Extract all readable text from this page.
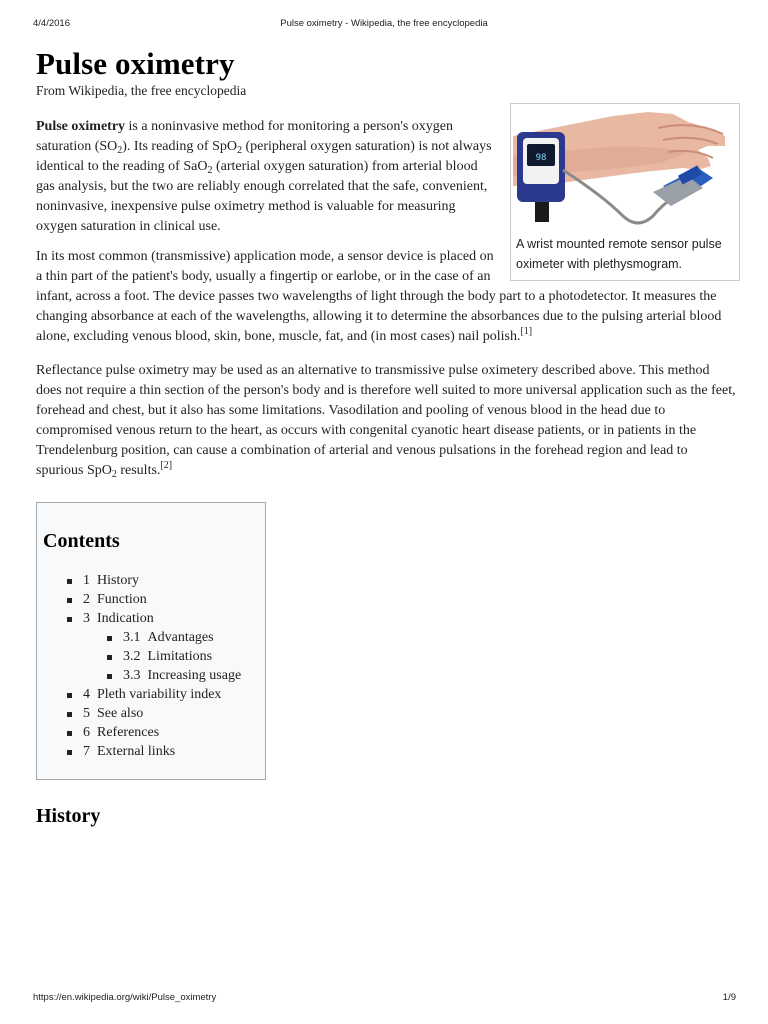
4/4/2016	Pulse oximetry - Wikipedia, the free encyclopedia
Pulse oximetry
From Wikipedia, the free encyclopedia
98
A wrist mounted remote sensor pulse oximeter with plethysmogram.

Pulse oximetry is a noninvasive method for monitoring a person's oxygen saturation $(SO_2)$. Its reading of SpO$_2$ (peripheral oxygen saturation) is not always identical to the reading of SaO$_2$ (arterial oxygen saturation) from arterial blood gas analysis, but the two are reliably enough correlated that the safe, convenient, noninvasive, inexpensive pulse oximetry method is valuable for measuring oxygen saturation in clinical use.

In its most common (transmissive) application mode, a sensor device is placed on a thin part of the patient's body, usually a fingertip or earlobe, or in the case of an infant, across a foot. The device passes two wavelengths of light through the body part to a photodetector. It measures the changing absorbance at each of the wavelengths, allowing it to determine the absorbances due to the pulsing arterial blood alone, excluding venous blood, skin, bone, muscle, fat, and (in most cases) nail polish.[1]

Reflectance pulse oximetry may be used as an alternative to transmissive pulse oximetery described above. This method does not require a thin section of the person's body and is therefore well suited to more universal application such as the feet, forehead and chest, but it also has some limitations. Vasodilation and pooling of venous blood in the head due to compromised venous return to the heart, as occurs with congenital cyanotic heart disease patients, or in patients in the Trendelenburg position, can cause a combination of arterial and venous pulsations in the forehead region and lead to spurious SpO$_2$ results.[2]

Contents
1 History
2 Function
3 Indication
3.1 Advantages
3.2 Limitations
3.3 Increasing usage
4 Pleth variability index
5 See also
6 References
7 External links
History
https://en.wikipedia.org/wiki/Pulse_oximetry	1/9
